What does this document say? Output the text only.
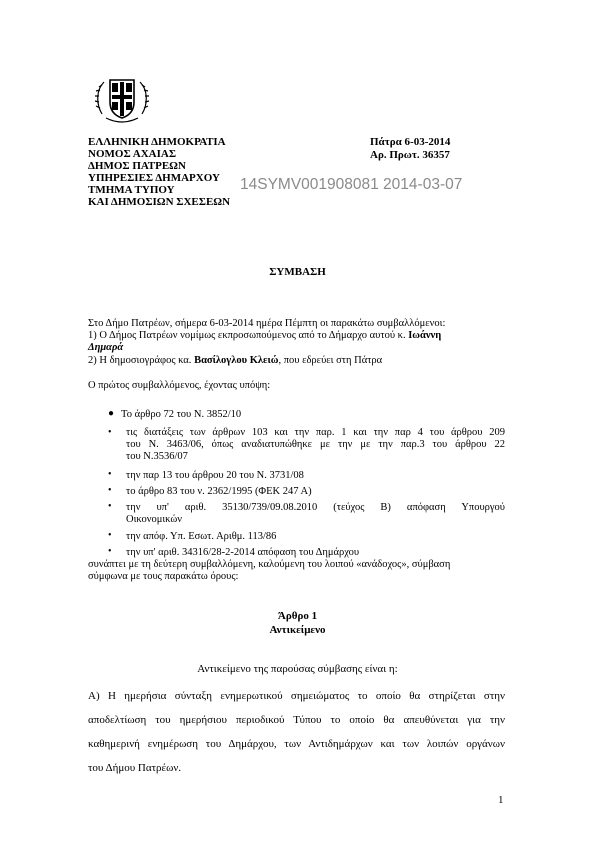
ΕΛΛΗΝΙΚΗ ΔΗΜΟΚΡΑΤΙΑ
ΝΟΜΟΣ ΑΧΑΙΑΣ
ΔΗΜΟΣ ΠΑΤΡΕΩΝ
ΥΠΗΡΕΣΙΕΣ ΔΗΜΑΡΧΟΥ
ΤΜΗΜΑ ΤΥΠΟΥ
ΚΑΙ ΔΗΜΟΣΙΩΝ ΣΧΕΣΕΩΝ
Πάτρα 6-03-2014
Αρ. Πρωτ. 36357
14SYMV001908081 2014-03-07
ΣΥΜΒΑΣΗ
Στο Δήμο Πατρέων, σήμερα 6-03-2014 ημέρα Πέμπτη οι παρακάτω συμβαλλόμενοι:
1) Ο Δήμος Πατρέων νομίμως εκπροσωπούμενος από το Δήμαρχο αυτού κ. Ιωάννη
Δημαρά
2) Η δημοσιογράφος κα. Βασίλογλου Κλειώ, που εδρεύει στη Πάτρα
Ο πρώτος συμβαλλόμενος, έχοντας υπόψη:
● Το άρθρο 72 του Ν. 3852/10
• τις διατάξεις των άρθρων 103 και την παρ. 1 και την παρ 4 του άρθρου 209
του Ν. 3463/06, όπως αναδιατυπώθηκε με την με την παρ.3 του άρθρου 22
του Ν.3536/07
• την παρ 13 του άρθρου 20 του Ν. 3731/08
• το άρθρο 83 του ν. 2362/1995 (ΦΕΚ 247 Α)
• την υπ' αριθ. 35130/739/09.08.2010 (τεύχος Β) απόφαση Υπουργού
Οικονομικών
• την απόφ. Υπ. Εσωτ. Αριθμ. 113/86
• την υπ' αριθ. 34316/28-2-2014 απόφαση του Δημάρχου
συνάπτει με τη δεύτερη συμβαλλόμενη, καλούμενη του λοιπού «ανάδοχος», σύμβαση
σύμφωνα με τους παρακάτω όρους:
Άρθρο 1
Αντικείμενο
Αντικείμενο της παρούσας σύμβασης είναι η:
Α) Η ημερήσια σύνταξη ενημερωτικού σημειώματος το οποίο θα στηρίζεται στην
αποδελτίωση του ημερήσιου περιοδικού Τύπου το οποίο θα απευθύνεται για την
καθημερινή ενημέρωση του Δημάρχου, των Αντιδημάρχων και των λοιπών οργάνων
του Δήμου Πατρέων.
1
